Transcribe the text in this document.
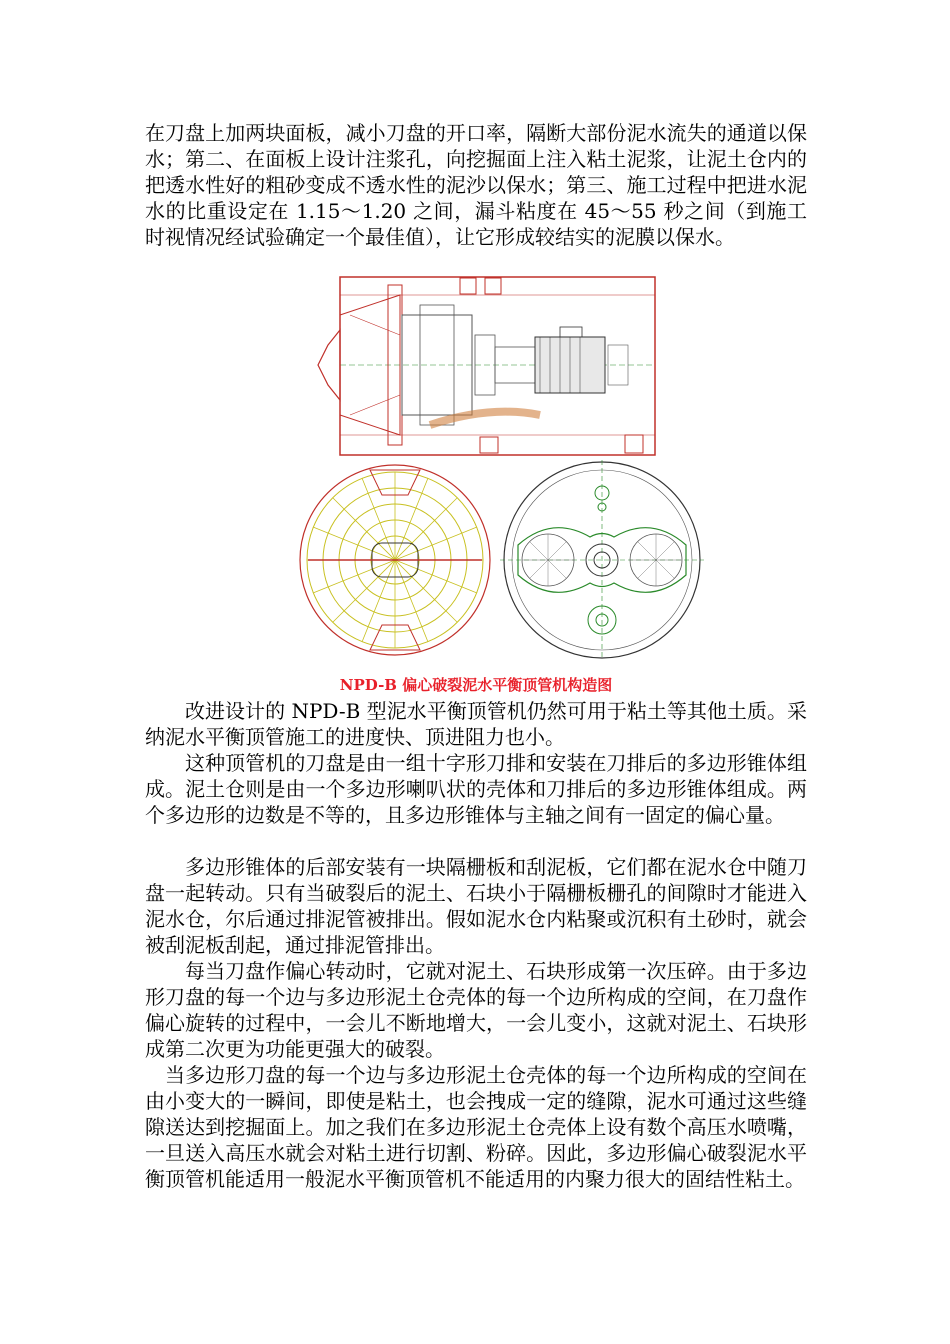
在刀盘上加两块面板，减小刀盘的开口率，隔断大部份泥水流失的通道以保水；第二、在面板上设计注浆孔，向挖掘面上注入粘土泥浆，让泥土仓内的把透水性好的粗砂变成不透水性的泥沙以保水；第三、施工过程中把进水泥水的比重设定在 1.15～1.20 之间，漏斗粘度在 45～55 秒之间（到施工时视情况经试验确定一个最佳值），让它形成较结实的泥膜以保水。

NPD-B 偏心破裂泥水平衡顶管机构造图

改进设计的 NPD-B 型泥水平衡顶管机仍然可用于粘土等其他土质。采纳泥水平衡顶管施工的进度快、顶进阻力也小。

这种顶管机的刀盘是由一组十字形刀排和安装在刀排后的多边形锥体组成。泥土仓则是由一个多边形喇叭状的壳体和刀排后的多边形锥体组成。两个多边形的边数是不等的，且多边形锥体与主轴之间有一固定的偏心量。

多边形锥体的后部安装有一块隔栅板和刮泥板，它们都在泥水仓中随刀盘一起转动。只有当破裂后的泥土、石块小于隔栅板栅孔的间隙时才能进入泥水仓，尔后通过排泥管被排出。假如泥水仓内粘聚或沉积有土砂时，就会被刮泥板刮起，通过排泥管排出。

每当刀盘作偏心转动时，它就对泥土、石块形成第一次压碎。由于多边形刀盘的每一个边与多边形泥土仓壳体的每一个边所构成的空间，在刀盘作偏心旋转的过程中，一会儿不断地增大，一会儿变小，这就对泥土、石块形成第二次更为功能更强大的破裂。

当多边形刀盘的每一个边与多边形泥土仓壳体的每一个边所构成的空间在由小变大的一瞬间，即使是粘土，也会拽成一定的缝隙，泥水可通过这些缝隙送达到挖掘面上。加之我们在多边形泥土仓壳体上设有数个高压水喷嘴，一旦送入高压水就会对粘土进行切割、粉碎。因此，多边形偏心破裂泥水平衡顶管机能适用一般泥水平衡顶管机不能适用的内聚力很大的固结性粘土。
